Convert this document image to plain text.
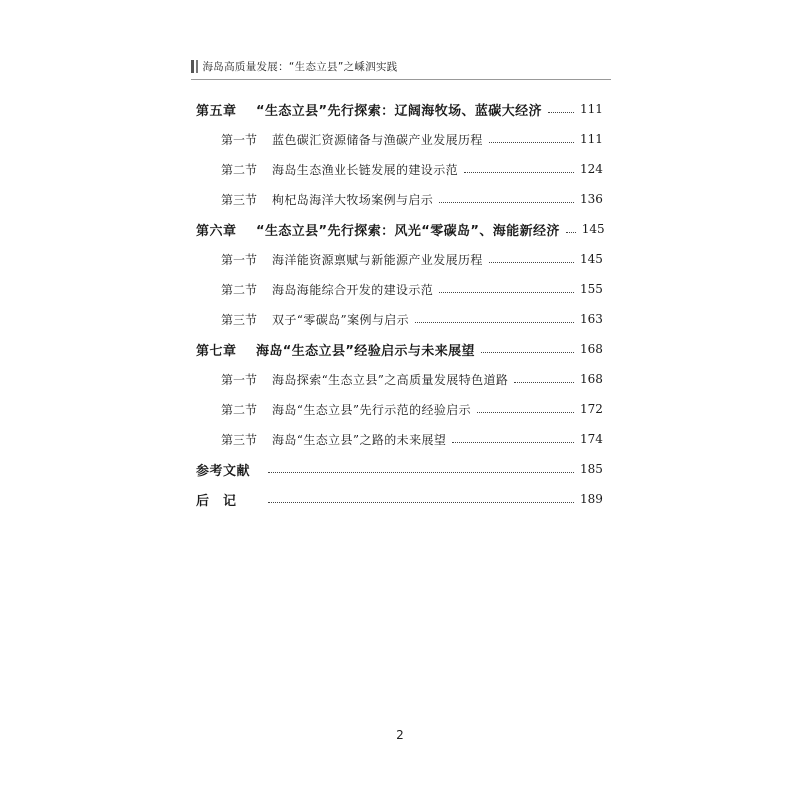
海岛高质量发展：“生态立县”之嵊泗实践
第五章	“生态立县”先行探索：辽阔海牧场、蓝碳大经济	111
第一节	蓝色碳汇资源储备与渔碳产业发展历程	111
第二节	海岛生态渔业长链发展的建设示范	124
第三节	枸杞岛海洋大牧场案例与启示	136
第六章	“生态立县”先行探索：风光“零碳岛”、海能新经济 145
第一节	海洋能资源禀赋与新能源产业发展历程	145
第二节	海岛海能综合开发的建设示范	155
第三节	双子“零碳岛”案例与启示	163
第七章	海岛“生态立县”经验启示与未来展望	168
第一节	海岛探索“生态立县”之高质量发展特色道路	168
第二节	海岛“生态立县”先行示范的经验启示	172
第三节	海岛“生态立县”之路的未来展望	174
参考文献	185
后　记	189
2
